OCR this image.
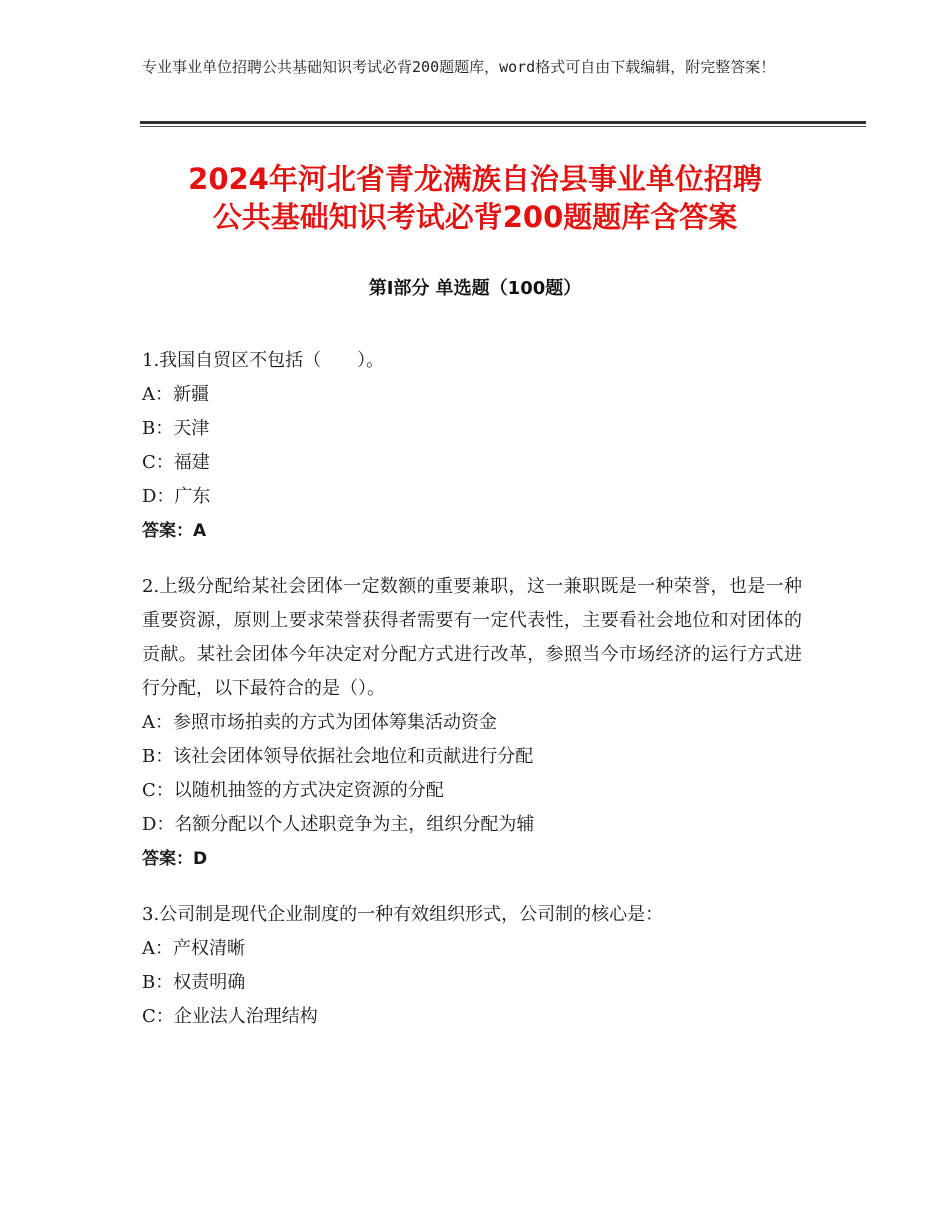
专业事业单位招聘公共基础知识考试必背200题题库，word格式可自由下载编辑，附完整答案！
2024年河北省青龙满族自治县事业单位招聘
公共基础知识考试必背200题题库含答案
第Ⅰ部分 单选题（100题）

1.我国自贸区不包括（　　）。

A：新疆

B：天津

C：福建

D：广东

答案：A

2.上级分配给某社会团体一定数额的重要兼职，这一兼职既是一种荣誉，也是一种重要资源，原则上要求荣誉获得者需要有一定代表性，主要看社会地位和对团体的贡献。某社会团体今年决定对分配方式进行改革，参照当今市场经济的运行方式进行分配，以下最符合的是（）。

A：参照市场拍卖的方式为团体筹集活动资金

B：该社会团体领导依据社会地位和贡献进行分配

C：以随机抽签的方式决定资源的分配

D：名额分配以个人述职竞争为主，组织分配为辅

答案：D

3.公司制是现代企业制度的一种有效组织形式，公司制的核心是：

A：产权清晰

B：权责明确

C：企业法人治理结构
